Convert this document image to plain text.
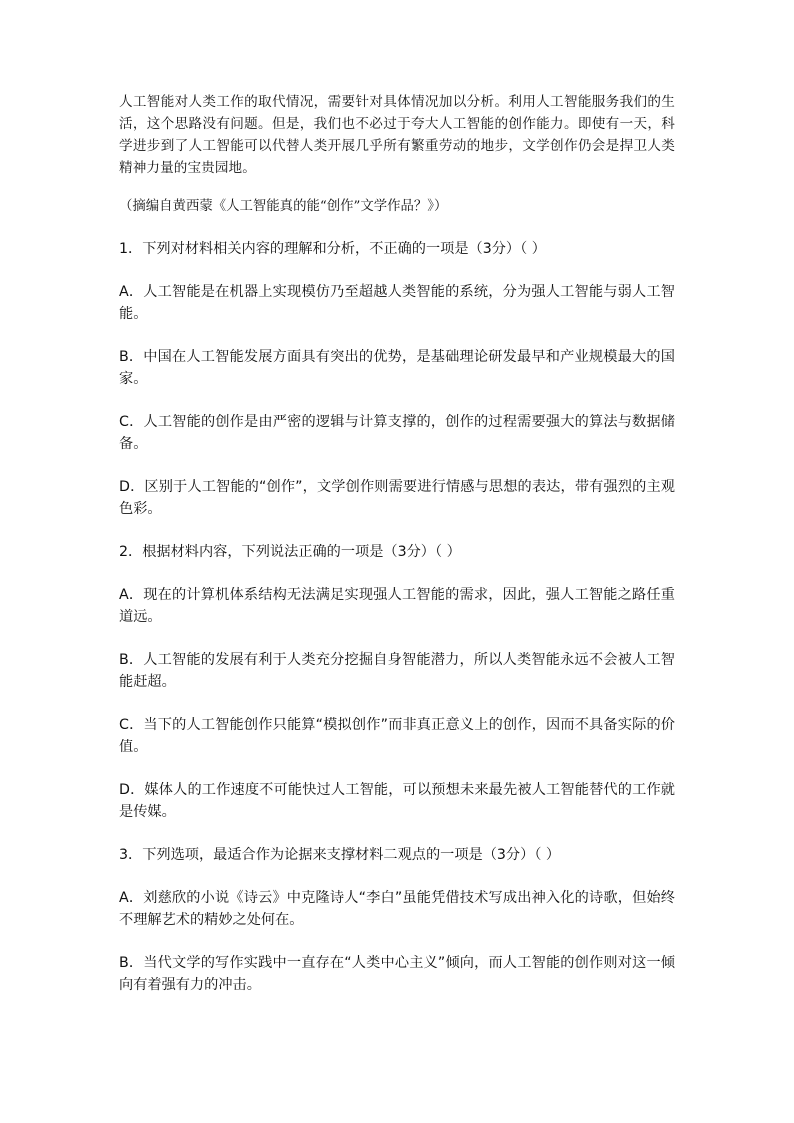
人工智能对人类工作的取代情况，需要针对具体情况加以分析。利用人工智能服务我们的生活，这个思路没有问题。但是，我们也不必过于夸大人工智能的创作能力。即使有一天，科学进步到了人工智能可以代替人类开展几乎所有繁重劳动的地步，文学创作仍会是捍卫人类精神力量的宝贵园地。

（摘编自黄西蒙《人工智能真的能“创作”文学作品？》）

1．下列对材料相关内容的理解和分析，不正确的一项是（3分）（ ）

A．人工智能是在机器上实现模仿乃至超越人类智能的系统，分为强人工智能与弱人工智能。

B．中国在人工智能发展方面具有突出的优势，是基础理论研发最早和产业规模最大的国家。

C．人工智能的创作是由严密的逻辑与计算支撑的，创作的过程需要强大的算法与数据储备。

D．区别于人工智能的“创作”，文学创作则需要进行情感与思想的表达，带有强烈的主观色彩。

2．根据材料内容，下列说法正确的一项是（3分）（ ）

A．现在的计算机体系结构无法满足实现强人工智能的需求，因此，强人工智能之路任重道远。

B．人工智能的发展有利于人类充分挖掘自身智能潜力，所以人类智能永远不会被人工智能赶超。

C．当下的人工智能创作只能算“模拟创作”而非真正意义上的创作，因而不具备实际的价值。

D．媒体人的工作速度不可能快过人工智能，可以预想未来最先被人工智能替代的工作就是传媒。

3．下列选项，最适合作为论据来支撑材料二观点的一项是（3分）（ ）

A．刘慈欣的小说《诗云》中克隆诗人“李白”虽能凭借技术写成出神入化的诗歌，但始终不理解艺术的精妙之处何在。

B．当代文学的写作实践中一直存在“人类中心主义”倾向，而人工智能的创作则对这一倾向有着强有力的冲击。
